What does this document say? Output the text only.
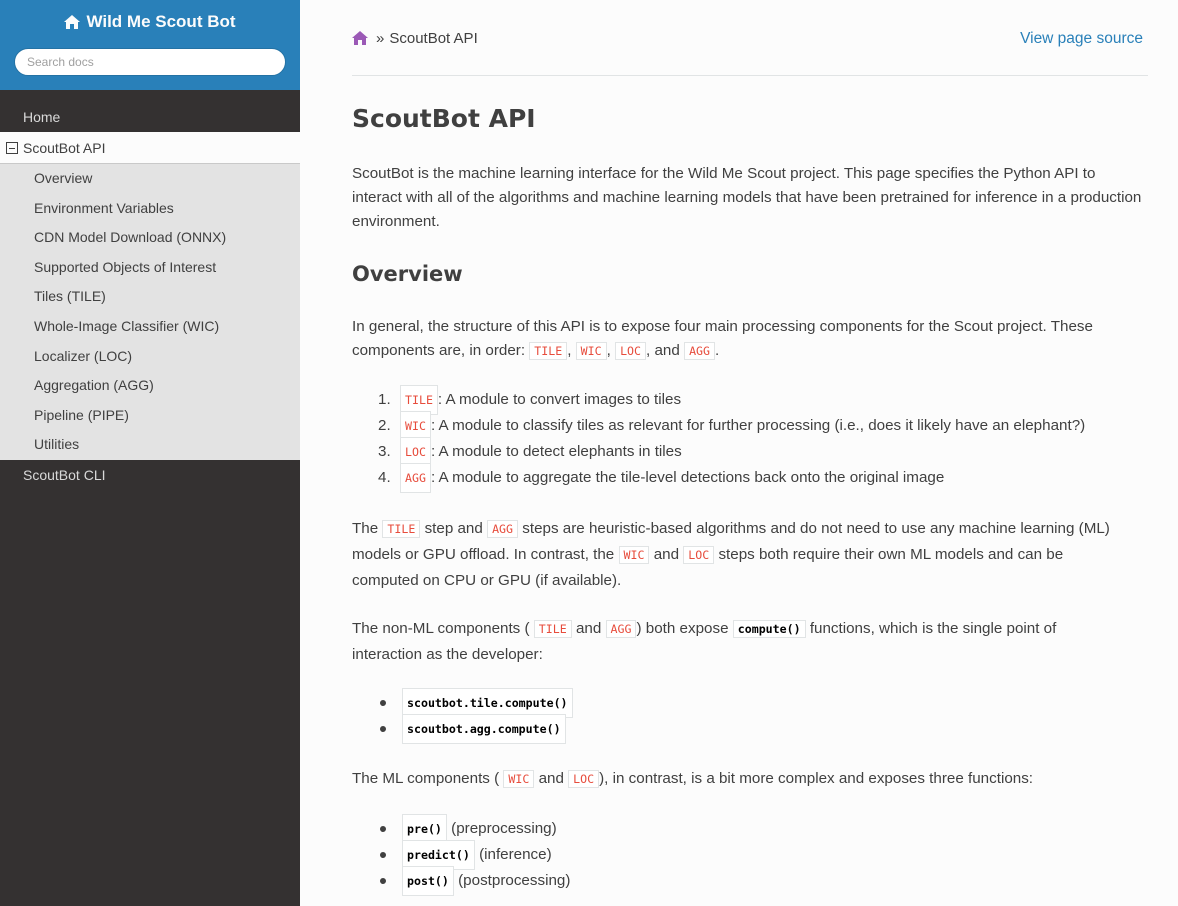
Wild Me Scout Bot
Search docs
Home
ScoutBot API
Overview
Environment Variables
CDN Model Download (ONNX)
Supported Objects of Interest
Tiles (TILE)
Whole-Image Classifier (WIC)
Localizer (LOC)
Aggregation (AGG)
Pipeline (PIPE)
Utilities
ScoutBot CLI
» ScoutBot API	View page source
ScoutBot API

ScoutBot is the machine learning interface for the Wild Me Scout project. This page specifies the Python API to interact with all of the algorithms and machine learning models that have been pretrained for inference in a production environment.

Overview

In general, the structure of this API is to expose four main processing components for the Scout project. These components are, in order: TILE , WIC , LOC , and AGG .

1.	TILE : A module to convert images to tiles
2.	WIC : A module to classify tiles as relevant for further processing (i.e., does it likely have an elephant?)
3.	LOC : A module to detect elephants in tiles
4.	AGG : A module to aggregate the tile-level detections back onto the original image

The TILE step and AGG steps are heuristic-based algorithms and do not need to use any machine learning (ML)
models or GPU offload. In contrast, the WIC and LOC steps both require their own ML models and can be
computed on CPU or GPU (if available).

The non-ML components ( TILE and AGG ) both expose compute() functions, which is the single point of
interaction as the developer:

scoutbot.tile.compute()
scoutbot.agg.compute()

The ML components ( WIC and LOC ), in contrast, is a bit more complex and exposes three functions:

pre()
(preprocessing)
predict()
(inference)
post()
(postprocessing)
